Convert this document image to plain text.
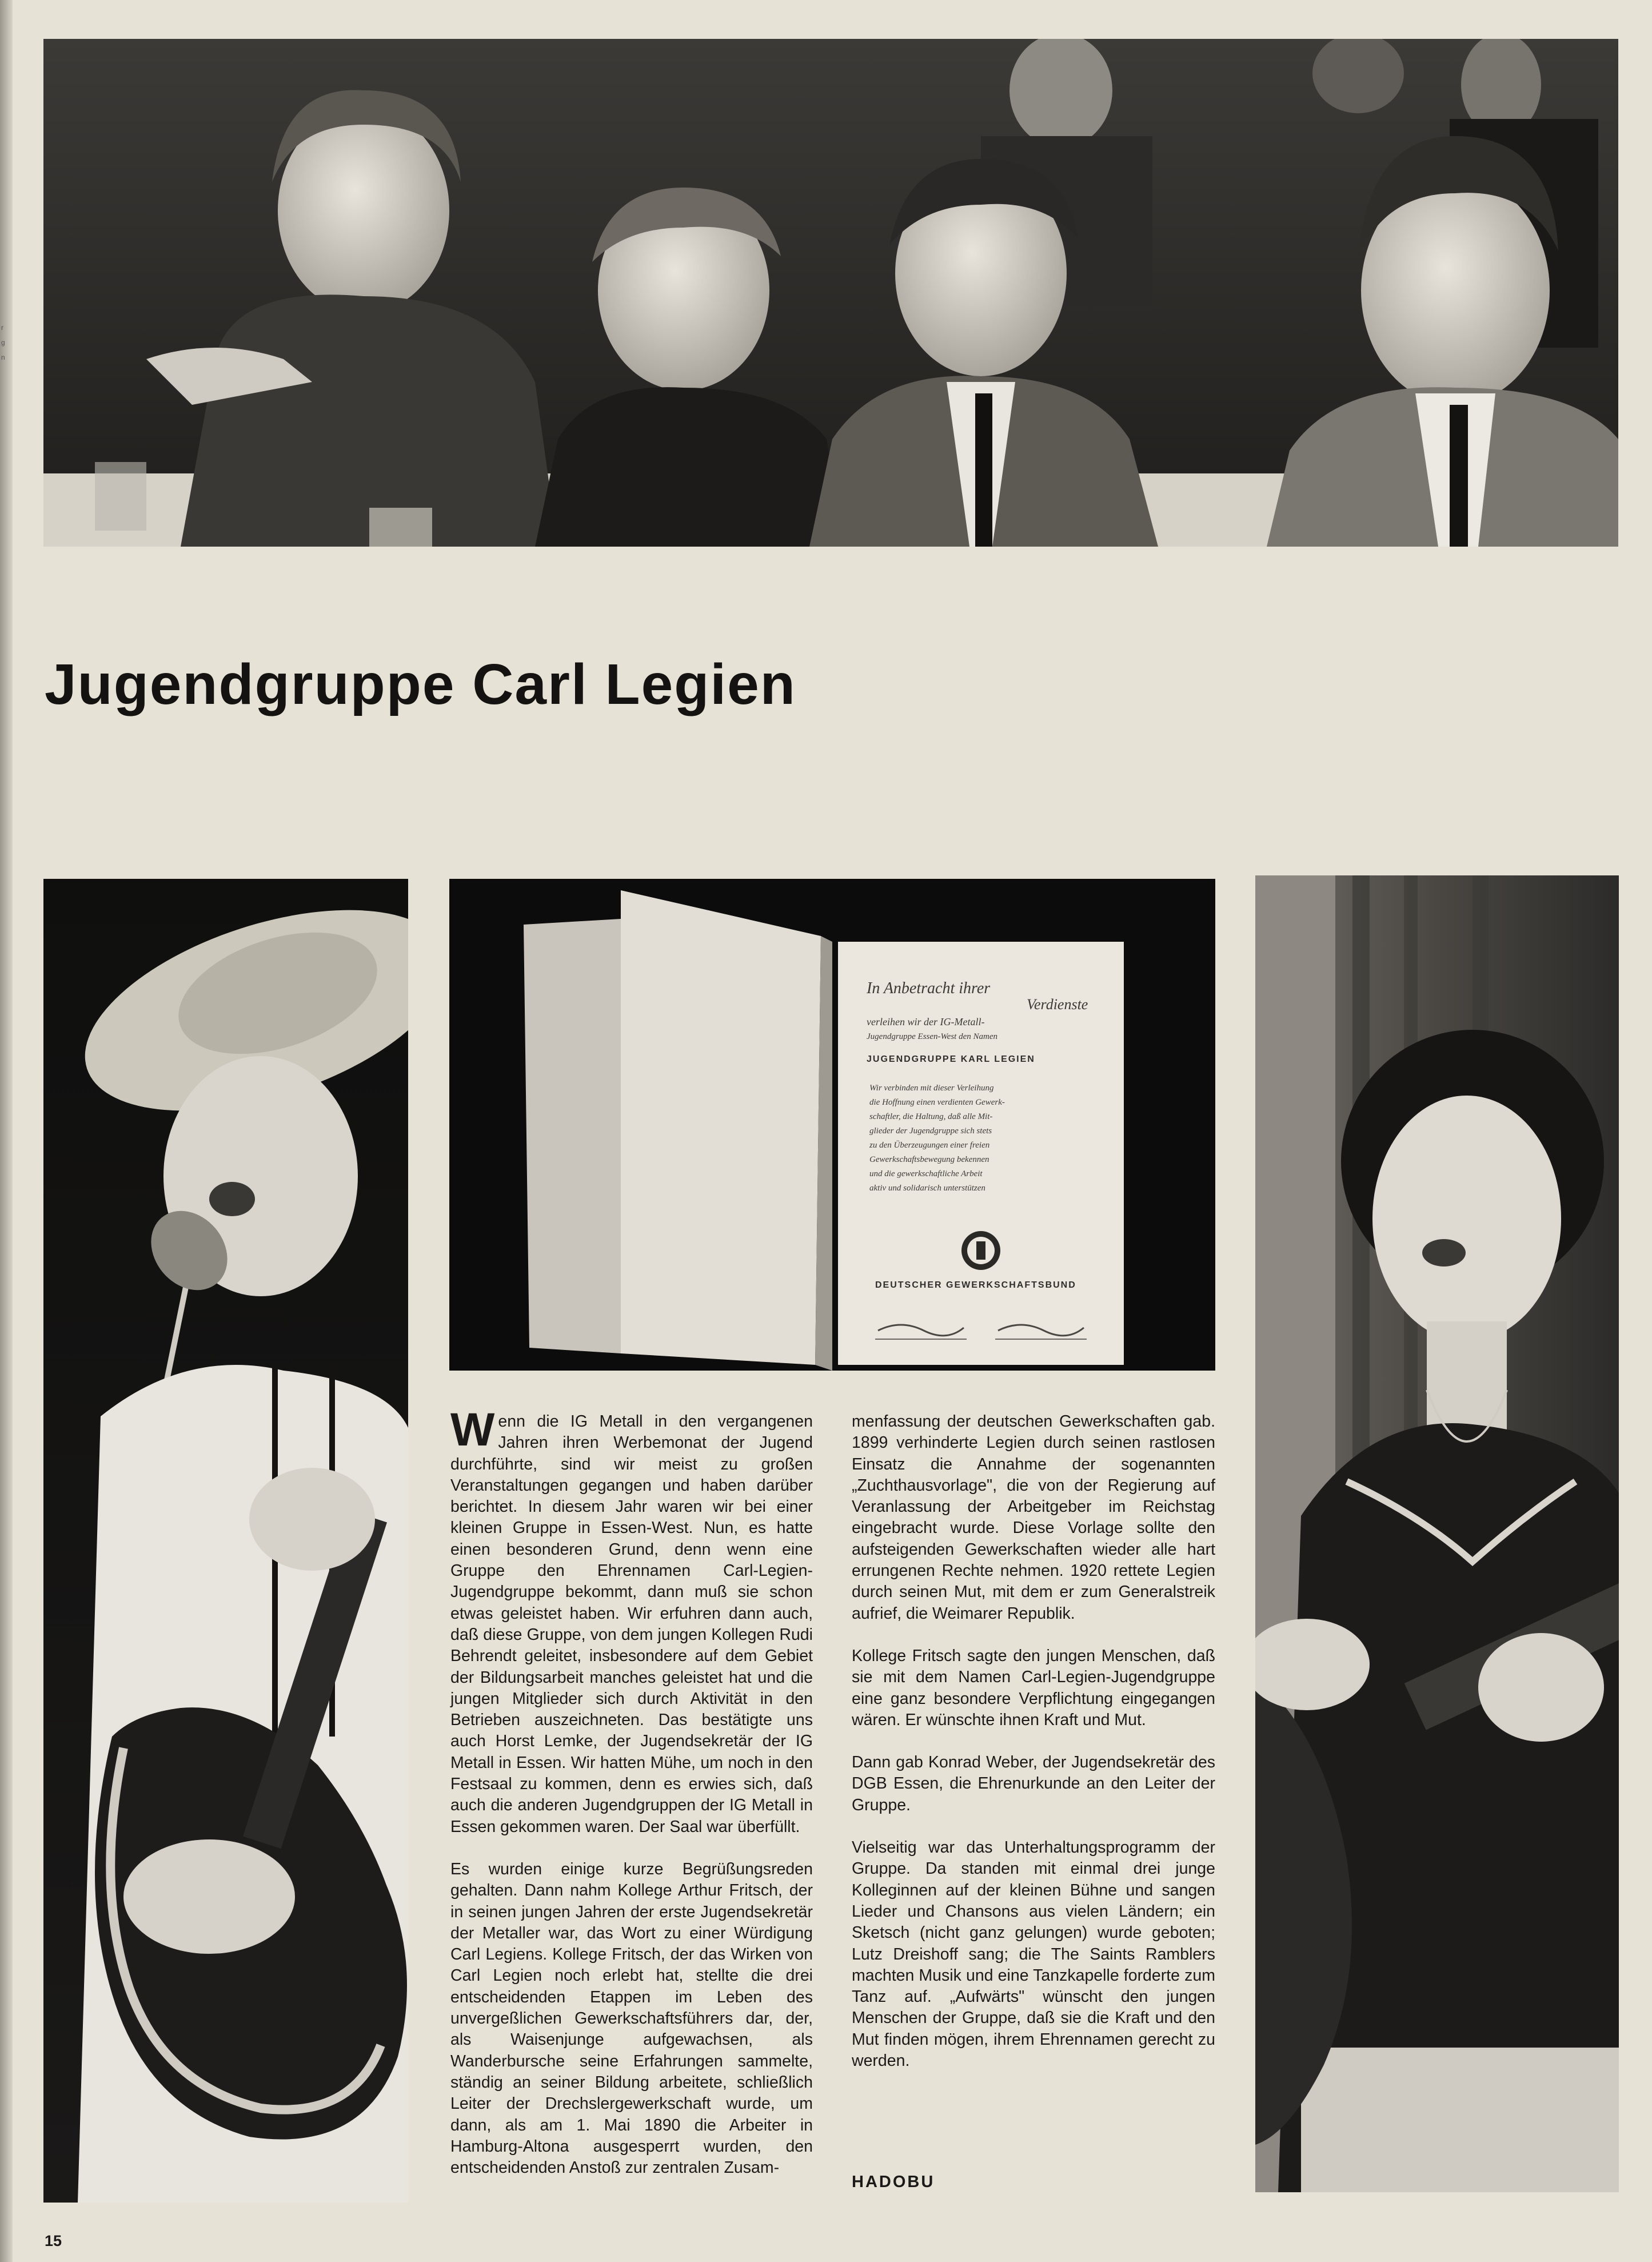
r
g
n
Jugendgruppe Carl Legien
In Anbetracht ihrer
Verdienste
verleihen wir der IG-Metall-
Jugendgruppe Essen-West den Namen
JUGENDGRUPPE KARL LEGIEN
Wir verbinden mit dieser Verleihung
die Hoffnung einen verdienten Gewerk-
schaftler, die Haltung, daß alle Mit-
glieder der Jugendgruppe sich stets
zu den Überzeugungen einer freien
Gewerkschaftsbewegung bekennen
und die gewerkschaftliche Arbeit
aktiv und solidarisch unterstützen
DEUTSCHER GEWERKSCHAFTSBUND

Wenn die IG Metall in den vergangenen Jahren ihren Werbemonat der Jugend durchführte, sind wir meist zu großen Veranstaltungen gegangen und haben darüber berichtet. In diesem Jahr waren wir bei einer kleinen Gruppe in Essen-West. Nun, es hatte einen besonderen Grund, denn wenn eine Gruppe den Ehrennamen Carl-Legien-Jugendgruppe bekommt, dann muß sie schon etwas geleistet haben. Wir erfuhren dann auch, daß diese Gruppe, von dem jungen Kollegen Rudi Behrendt geleitet, insbesondere auf dem Gebiet der Bildungsarbeit manches geleistet hat und die jungen Mitglieder sich durch Aktivität in den Betrieben auszeichneten. Das bestätigte uns auch Horst Lemke, der Jugendsekretär der IG Metall in Essen. Wir hatten Mühe, um noch in den Festsaal zu kommen, denn es erwies sich, daß auch die anderen Jugendgruppen der IG Metall in Essen gekommen waren. Der Saal war überfüllt.

Es wurden einige kurze Begrüßungsreden gehalten. Dann nahm Kollege Arthur Fritsch, der in seinen jungen Jahren der erste Jugendsekretär der Metaller war, das Wort zu einer Würdigung Carl Legiens. Kollege Fritsch, der das Wirken von Carl Legien noch erlebt hat, stellte die drei entscheidenden Etappen im Leben des unvergeßlichen Gewerkschaftsführers dar, der, als Waisenjunge aufgewachsen, als Wanderbursche seine Erfahrungen sammelte, ständig an seiner Bildung arbeitete, schließlich Leiter der Drechslergewerkschaft wurde, um dann, als am 1. Mai 1890 die Arbeiter in Hamburg-Altona ausgesperrt wurden, den entscheidenden Anstoß zur zentralen Zusam-

menfassung der deutschen Gewerkschaften gab. 1899 verhinderte Legien durch seinen rastlosen Einsatz die Annahme der sogenannten „Zuchthausvorlage", die von der Regierung auf Veranlassung der Arbeitgeber im Reichstag eingebracht wurde. Diese Vorlage sollte den aufsteigenden Gewerkschaften wieder alle hart errungenen Rechte nehmen. 1920 rettete Legien durch seinen Mut, mit dem er zum Generalstreik aufrief, die Weimarer Republik.

Kollege Fritsch sagte den jungen Menschen, daß sie mit dem Namen Carl-Legien-Jugendgruppe eine ganz besondere Verpflichtung eingegangen wären. Er wünschte ihnen Kraft und Mut.

Dann gab Konrad Weber, der Jugendsekretär des DGB Essen, die Ehrenurkunde an den Leiter der Gruppe.

Vielseitig war das Unterhaltungsprogramm der Gruppe. Da standen mit einmal drei junge Kolleginnen auf der kleinen Bühne und sangen Lieder und Chansons aus vielen Ländern; ein Sketsch (nicht ganz gelungen) wurde geboten; Lutz Dreishoff sang; die The Saints Ramblers machten Musik und eine Tanzkapelle forderte zum Tanz auf. „Aufwärts" wünscht den jungen Menschen der Gruppe, daß sie die Kraft und den Mut finden mögen, ihrem Ehrennamen gerecht zu werden.

HADOBU
15
